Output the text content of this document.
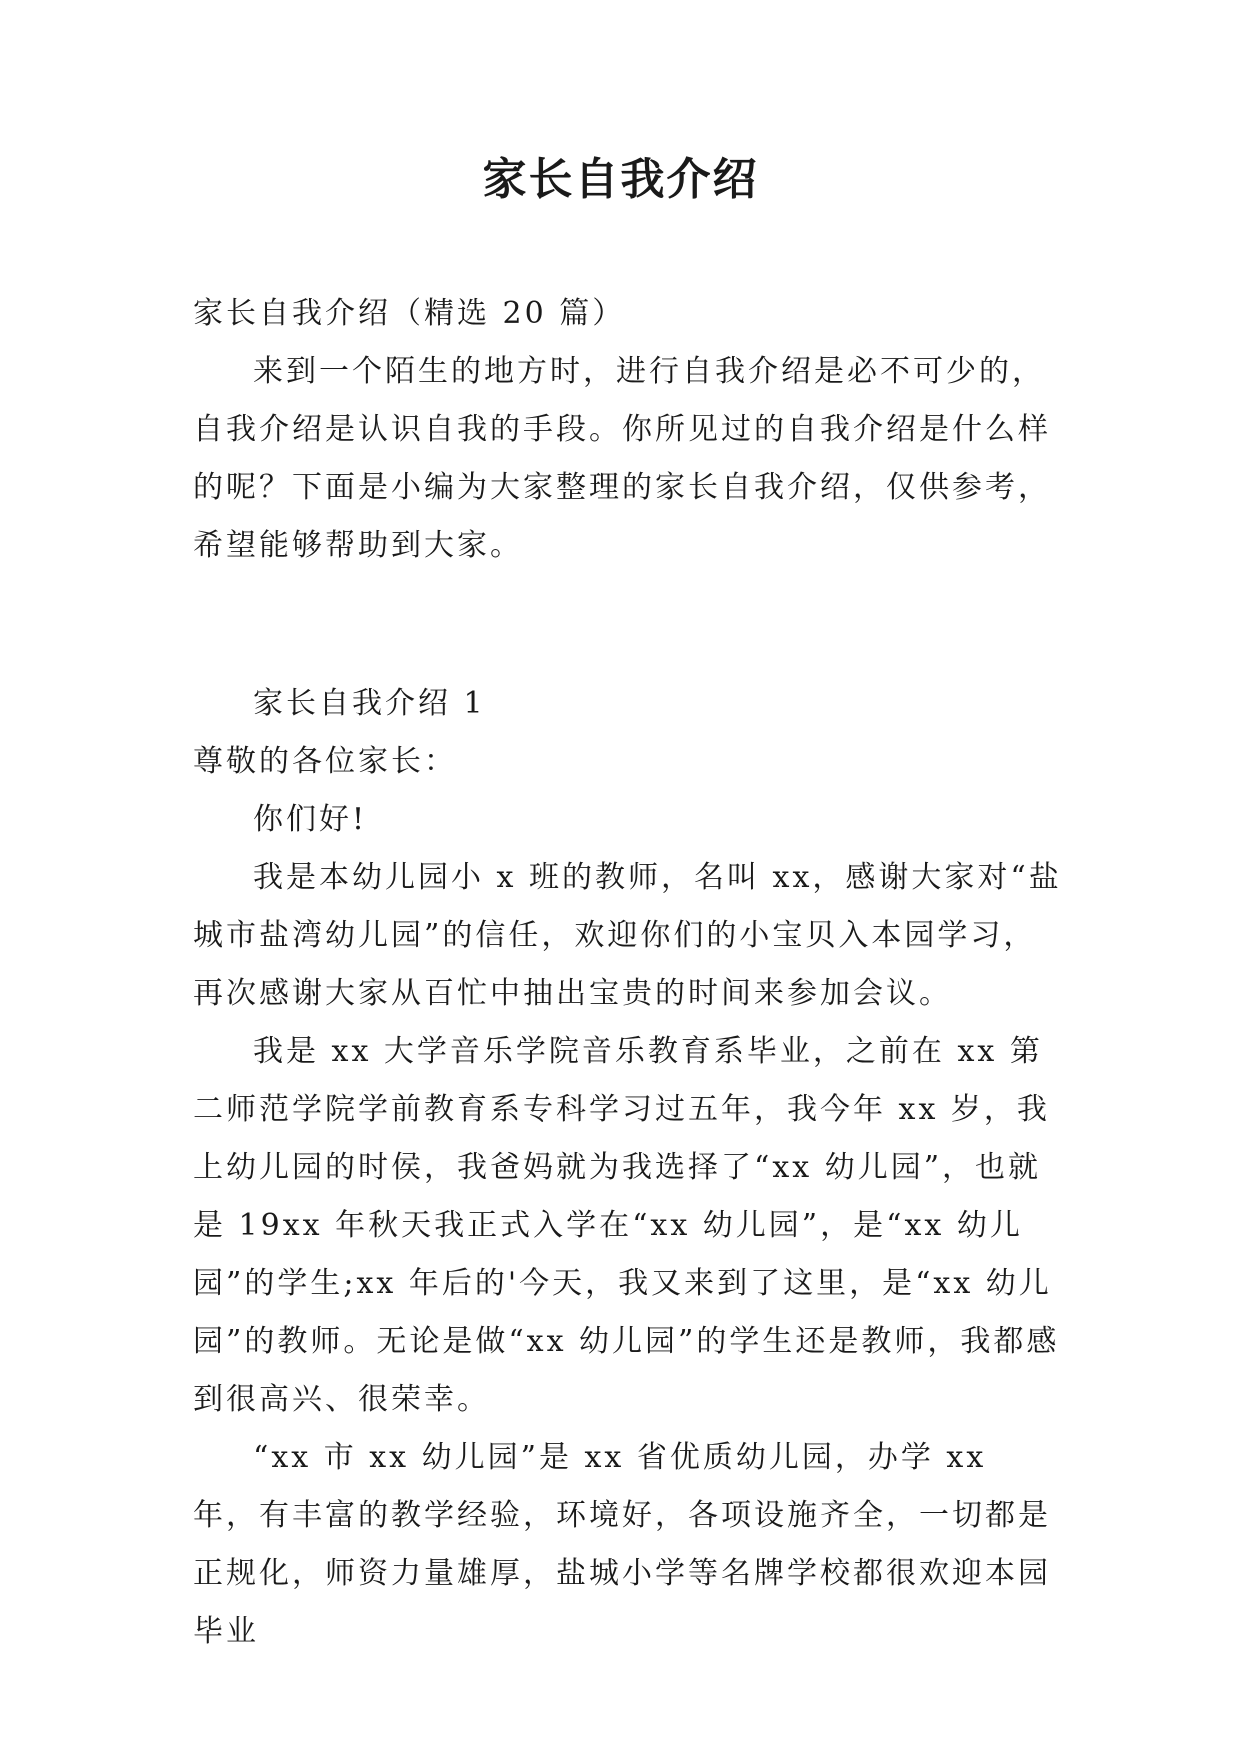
家长自我介绍

家长自我介绍（精选 20 篇）

来到一个陌生的地方时，进行自我介绍是必不可少的，自我介绍是认识自我的手段。你所见过的自我介绍是什么样的呢？下面是小编为大家整理的家长自我介绍，仅供参考，希望能够帮助到大家。

家长自我介绍 1

尊敬的各位家长：

你们好!

我是本幼儿园小 x 班的教师，名叫 xx，感谢大家对“盐城市盐湾幼儿园”的信任，欢迎你们的小宝贝入本园学习，再次感谢大家从百忙中抽出宝贵的时间来参加会议。

我是 xx 大学音乐学院音乐教育系毕业，之前在 xx 第二师范学院学前教育系专科学习过五年，我今年 xx 岁，我上幼儿园的时侯，我爸妈就为我选择了“xx 幼儿园”，也就是 19xx 年秋天我正式入学在“xx 幼儿园”，是“xx 幼儿园”的学生;xx 年后的'今天，我又来到了这里，是“xx 幼儿园”的教师。无论是做“xx 幼儿园”的学生还是教师，我都感到很高兴、很荣幸。

“xx 市 xx 幼儿园”是 xx 省优质幼儿园，办学 xx 年，有丰富的教学经验，环境好，各项设施齐全，一切都是正规化，师资力量雄厚，盐城小学等名牌学校都很欢迎本园毕业
